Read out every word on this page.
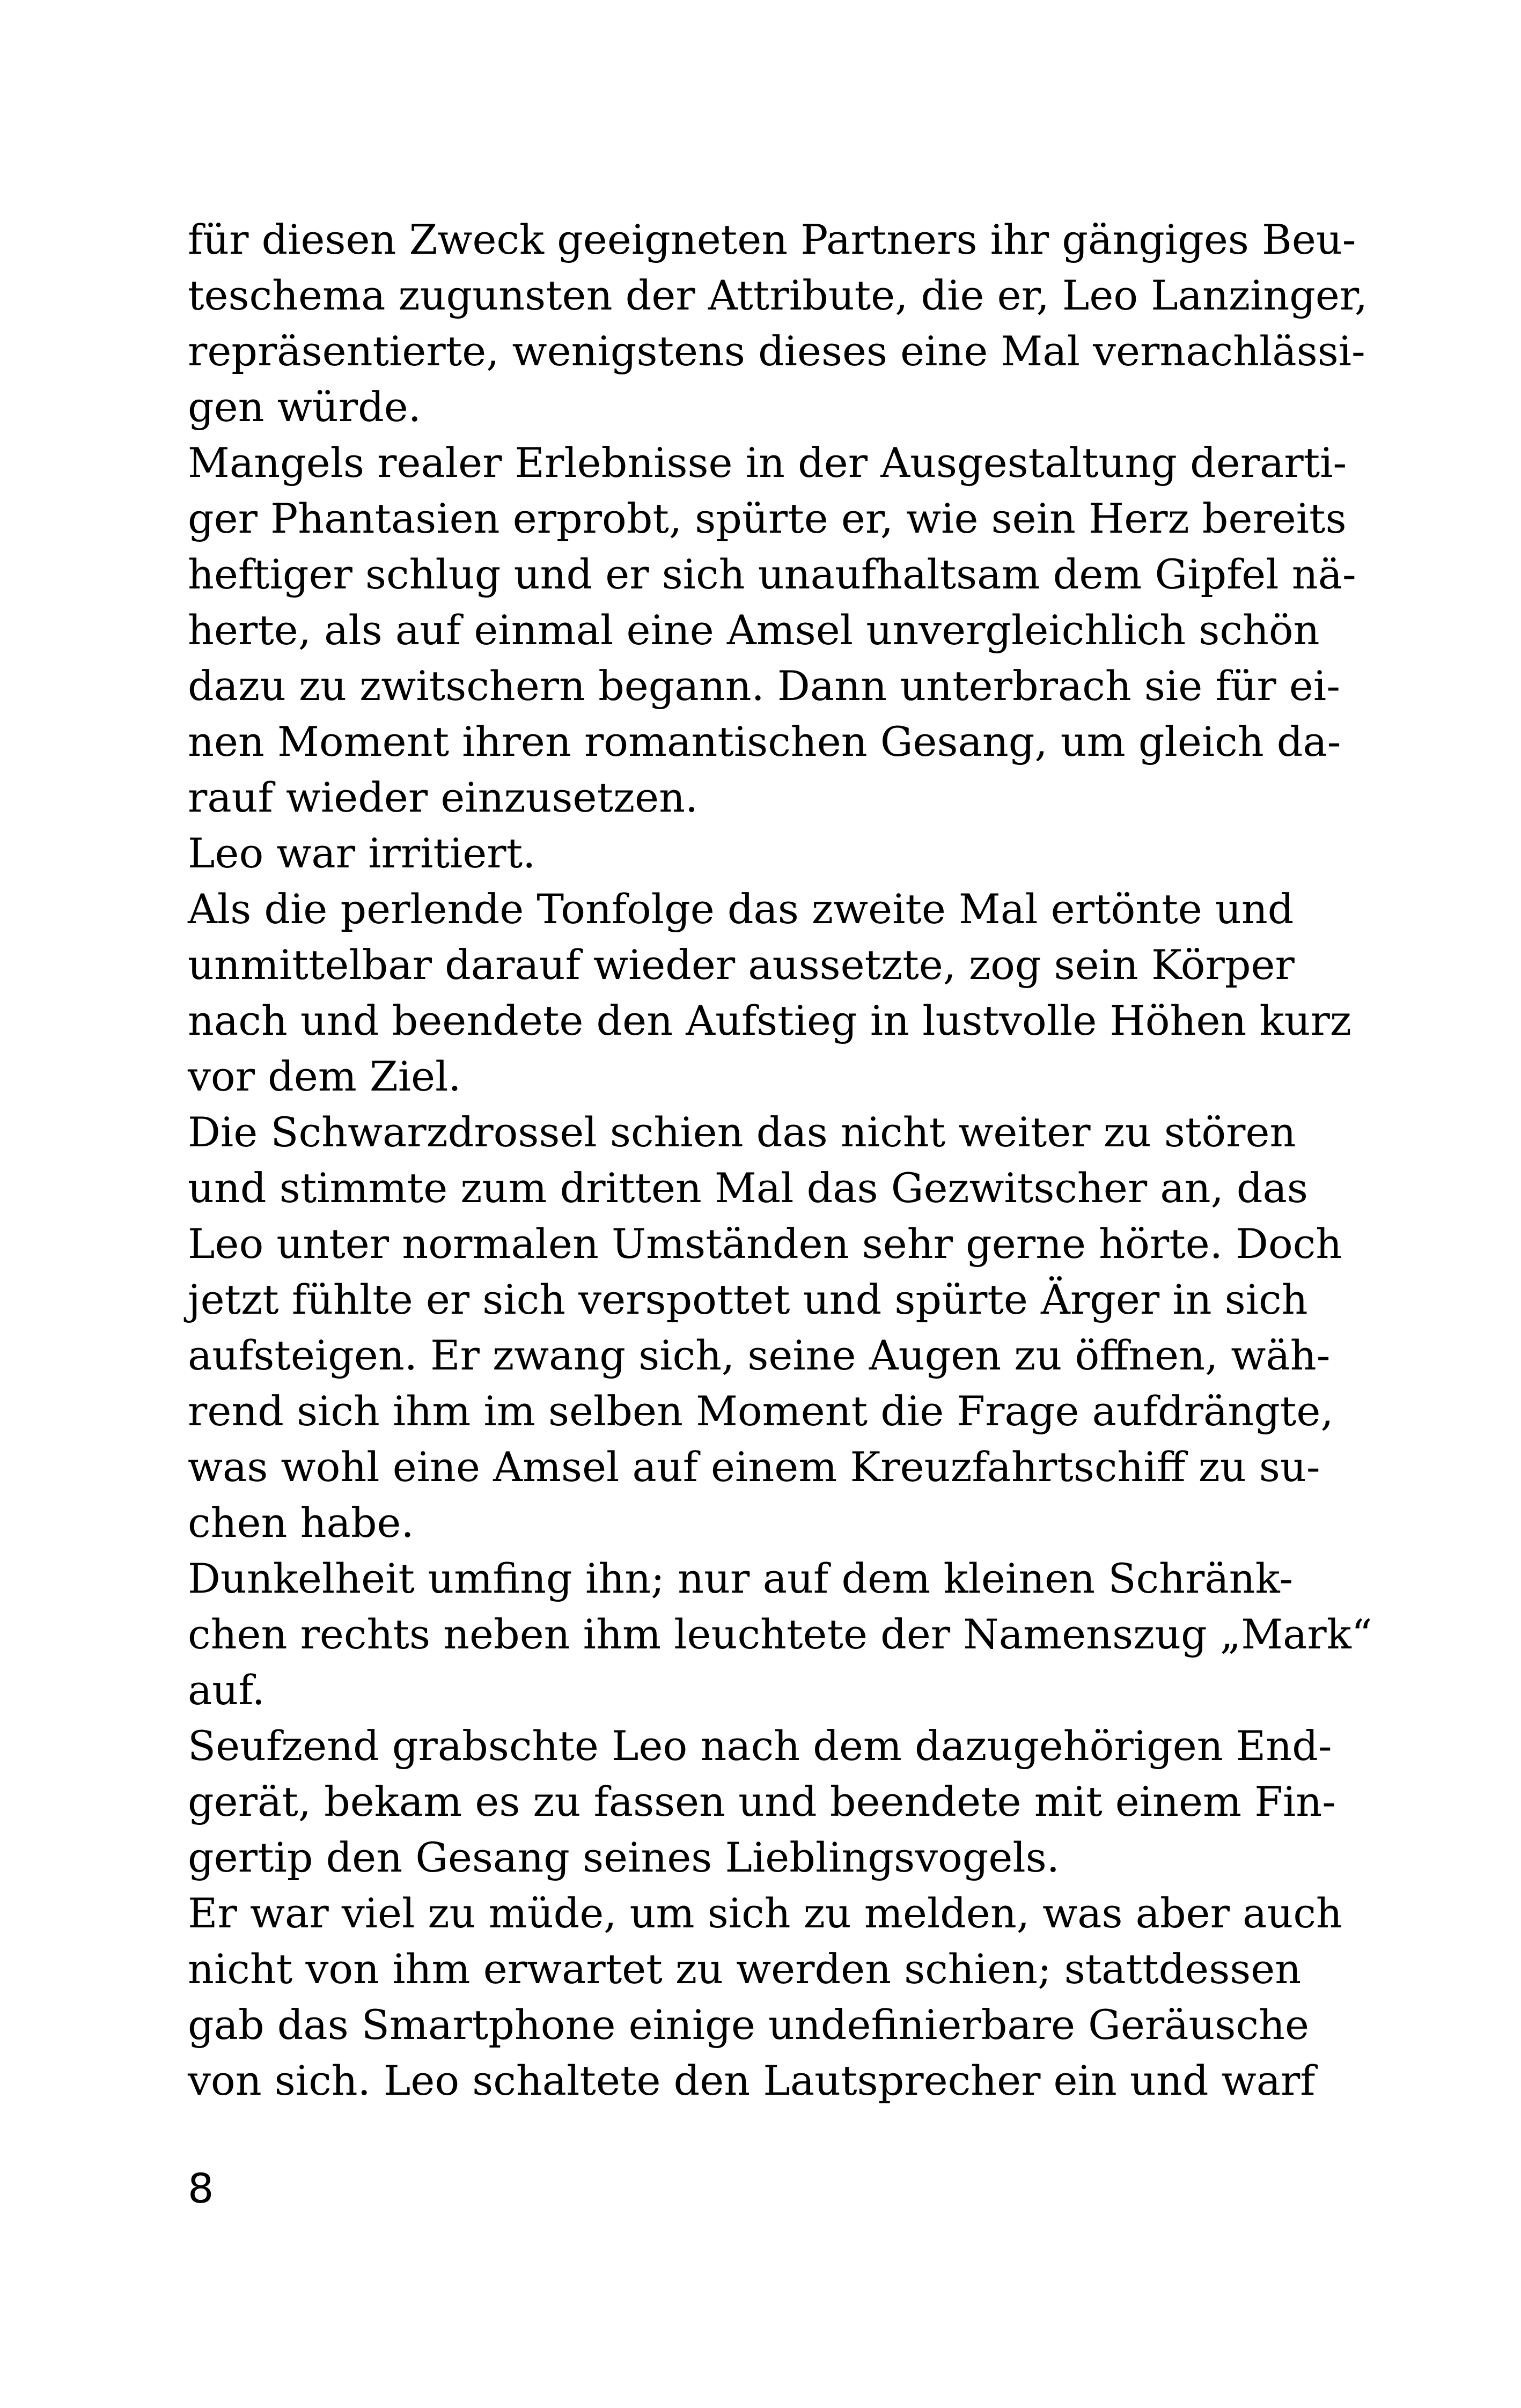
für diesen Zweck geeigneten Partners ihr gängiges Beu-
teschema zugunsten der Attribute, die er, Leo Lanzinger,
repräsentierte, wenigstens dieses eine Mal vernachlässi-
gen würde.
Mangels realer Erlebnisse in der Ausgestaltung derarti-
ger Phantasien erprobt, spürte er, wie sein Herz bereits
heftiger schlug und er sich unaufhaltsam dem Gipfel nä-
herte, als auf einmal eine Amsel unvergleichlich schön
dazu zu zwitschern begann. Dann unterbrach sie für ei-
nen Moment ihren romantischen Gesang, um gleich da-
rauf wieder einzusetzen.
Leo war irritiert.
Als die perlende Tonfolge das zweite Mal ertönte und
unmittelbar darauf wieder aussetzte, zog sein Körper
nach und beendete den Aufstieg in lustvolle Höhen kurz
vor dem Ziel.
Die Schwarzdrossel schien das nicht weiter zu stören
und stimmte zum dritten Mal das Gezwitscher an, das
Leo unter normalen Umständen sehr gerne hörte. Doch
jetzt fühlte er sich verspottet und spürte Ärger in sich
aufsteigen. Er zwang sich, seine Augen zu öffnen, wäh-
rend sich ihm im selben Moment die Frage aufdrängte,
was wohl eine Amsel auf einem Kreuzfahrtschiff zu su-
chen habe.
Dunkelheit umfing ihn; nur auf dem kleinen Schränk-
chen rechts neben ihm leuchtete der Namenszug „Mark“
auf.
Seufzend grabschte Leo nach dem dazugehörigen End-
gerät, bekam es zu fassen und beendete mit einem Fin-
gertip den Gesang seines Lieblingsvogels.
Er war viel zu müde, um sich zu melden, was aber auch
nicht von ihm erwartet zu werden schien; stattdessen
gab das Smartphone einige undefinierbare Geräusche
von sich. Leo schaltete den Lautsprecher ein und warf
8
